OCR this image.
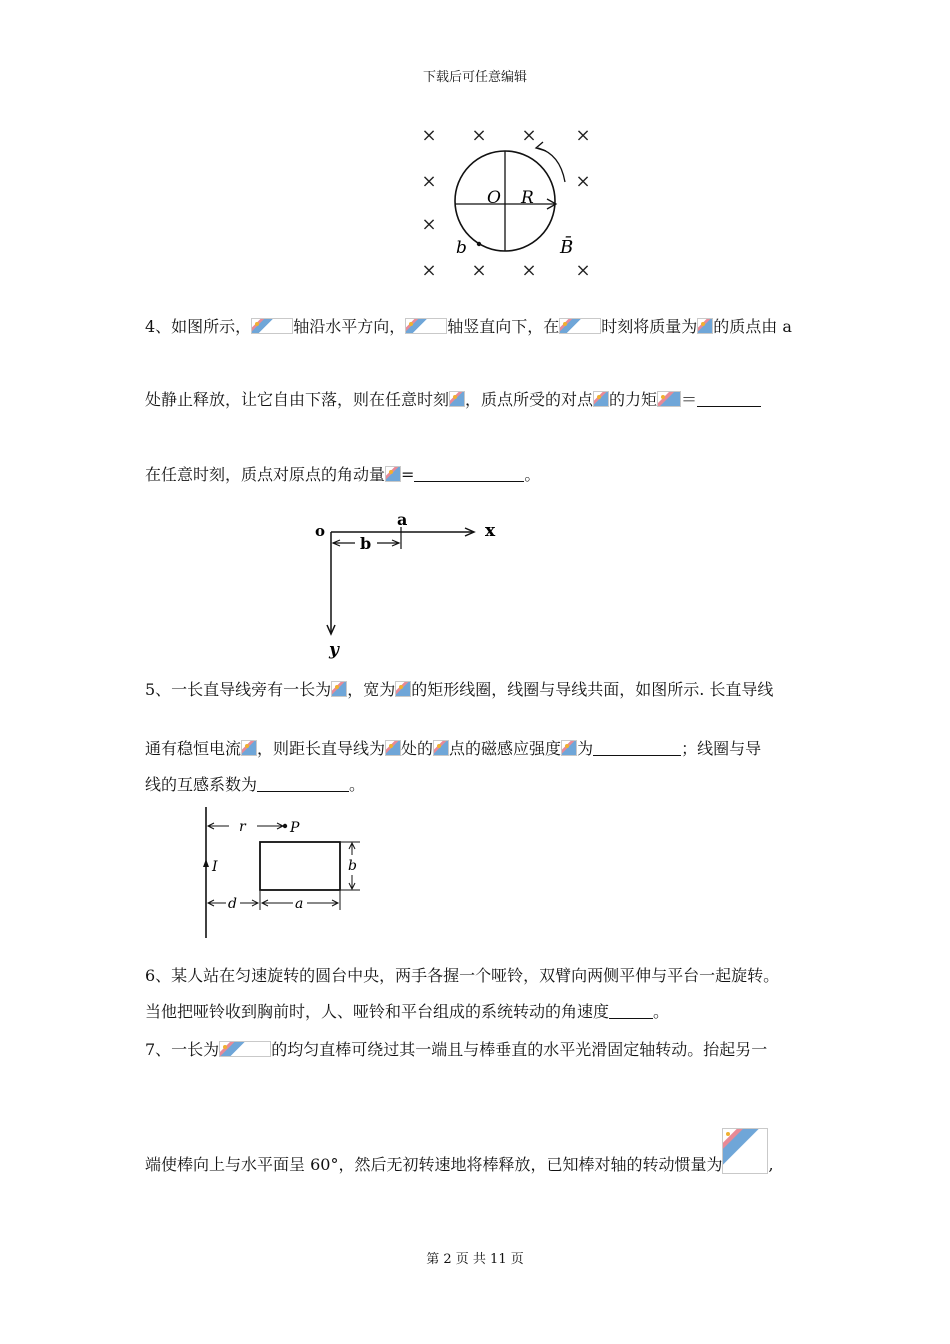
下载后可任意编辑
× × × ×
×	×
×
× × × ×
O R
b	B̄
4、如图所示，	轴沿水平方向，	轴竖直向下，在	时刻将质量为 的质点由 a
处静止释放，让它自由下落，则在任意时刻 ，质点所受的对点 的力矩 ＝
在任意时刻，质点对原点的角动量 =	。
o
a
b
x
y
5、一长直导线旁有一长为 ，宽为 的矩形线圈，线圈与导线共面，如图所示. 长直导线
通有稳恒电流 ，则距长直导线为 处的 点的磁感应强度 为	；线圈与导
线的互感系数为	。
r	P
I	b
d	a
6、某人站在匀速旋转的圆台中央，两手各握一个哑铃，双臂向两侧平伸与平台一起旋转。
当他把哑铃收到胸前时，人、哑铃和平台组成的系统转动的角速度	。
7、一长为	的均匀直棒可绕过其一端且与棒垂直的水平光滑固定轴转动。抬起另一
端使棒向上与水平面呈 60°，然后无初转速地将棒释放，已知棒对轴的转动惯量为	,
第 2 页 共 11 页
